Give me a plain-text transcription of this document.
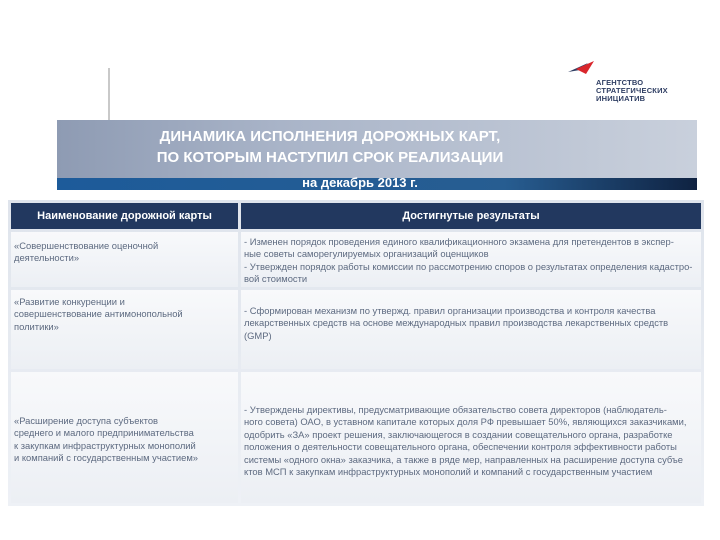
АГЕНТСТВО
СТРАТЕГИЧЕСКИХ
ИНИЦИАТИВ
ДИНАМИКА ИСПОЛНЕНИЯ ДОРОЖНЫХ КАРТ,
ПО КОТОРЫМ НАСТУПИЛ СРОК РЕАЛИЗАЦИИ
на декабрь 2013 г.
Наименование дорожной карты	Достигнутые результаты
«Совершенствование оценочной
деятельности»
- Изменен порядок проведения единого квалификационного экзамена для претендентов в экспер-
ные советы саморегулируемых организаций оценщиков
- Утвержден порядок работы комиссии по рассмотрению споров о результатах определения кадастро-
вой стоимости
«Развитие конкуренции и
совершенствование антимонопольной
политики»
- Сформирован механизм по утвержд. правил организации производства и контроля качества
лекарственных средств на основе международных правил производства лекарственных средств
(GMP)
«Расширение доступа субъектов
среднего и малого предпринимательства
к закупкам инфраструктурных монополий
и компаний с государственным участием»
- Утверждены директивы, предусматривающие обязательство совета директоров (наблюдатель-
ного совета) ОАО, в уставном капитале которых доля РФ превышает 50%, являющихся заказчиками,
одобрить «ЗА» проект решения, заключающегося в создании совещательного органа, разработке
положения о деятельности совещательного органа, обеспечении контроля эффективности работы
системы «одного окна» заказчика, а также в ряде мер, направленных на расширение доступа субъе
ктов МСП к закупкам инфраструктурных монополий и компаний с государственным участием
